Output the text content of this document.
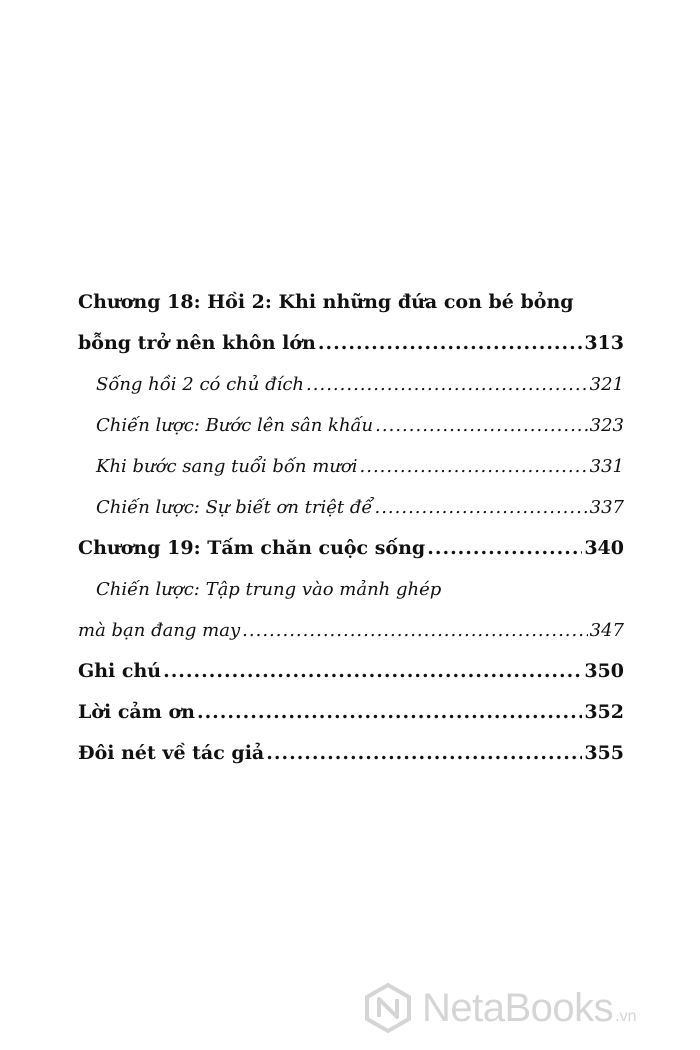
Chương 18: Hồi 2: Khi những đứa con bé bỏng
bỗng trở nên khôn lớn .....	313
Sống hồi 2 có chủ đích .....	321
Chiến lược: Bước lên sân khấu .....	323
Khi bước sang tuổi bốn mươi .....	331
Chiến lược: Sự biết ơn triệt để .....	337
Chương 19: Tấm chăn cuộc sống .....	340
Chiến lược: Tập trung vào mảnh ghép
mà bạn đang may .....	347
Ghi chú .....	350
Lời cảm ơn .....	352
Đôi nét về tác giả .....	355
NetaBooks .vn
